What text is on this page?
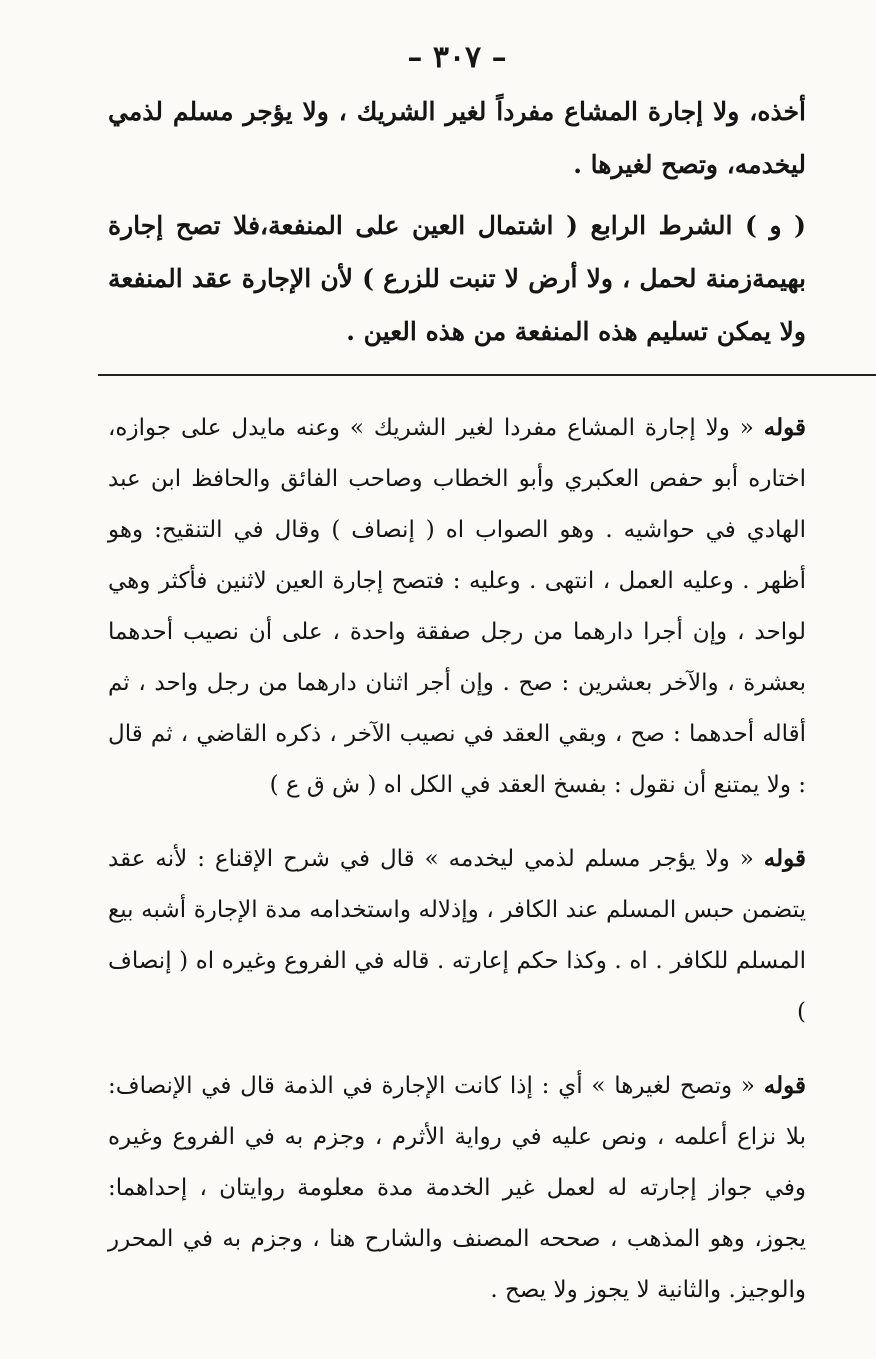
– ٣٠٧ –

أخذه، ولا إجارة المشاع مفرداً لغير الشريك ، ولا يؤجر مسلم لذمي ليخدمه، وتصح لغيرها .

( و ) الشرط الرابع ( اشتمال العين على المنفعة،فلا تصح إجارة بهيمةزمنة لحمل ، ولا أرض لا تنبت للزرع ) لأن الإجارة عقد المنفعة ولا يمكن تسليم هذه المنفعة من هذه العين .

قوله « ولا إجارة المشاع مفردا لغير الشريك » وعنه مايدل على جوازه، اختاره أبو حفص العكبري وأبو الخطاب وصاحب الفائق والحافظ ابن عبد الهادي في حواشيه . وهو الصواب اه ( إنصاف ) وقال في التنقيح: وهو أظهر . وعليه العمل ، انتهى . وعليه : فتصح إجارة العين لاثنين فأكثر وهي لواحد ، وإن أجرا دارهما من رجل صفقة واحدة ، على أن نصيب أحدهما بعشرة ، والآخر بعشرين : صح . وإن أجر اثنان دارهما من رجل واحد ، ثم أقاله أحدهما : صح ، وبقي العقد في نصيب الآخر ، ذكره القاضي ، ثم قال : ولا يمتنع أن نقول : بفسخ العقد في الكل اه ( ش ق ع )

قوله « ولا يؤجر مسلم لذمي ليخدمه » قال في شرح الإقناع : لأنه عقد يتضمن حبس المسلم عند الكافر ، وإذلاله واستخدامه مدة الإجارة أشبه بيع المسلم للكافر . اه . وكذا حكم إعارته . قاله في الفروع وغيره اه ( إنصاف )

قوله « وتصح لغيرها » أي : إذا كانت الإجارة في الذمة قال في الإنصاف: بلا نزاع أعلمه ، ونص عليه في رواية الأثرم ، وجزم به في الفروع وغيره وفي جواز إجارته له لعمل غير الخدمة مدة معلومة روايتان ، إحداهما: يجوز، وهو المذهب ، صححه المصنف والشارح هنا ، وجزم به في المحرر والوجيز. والثانية لا يجوز ولا يصح .
